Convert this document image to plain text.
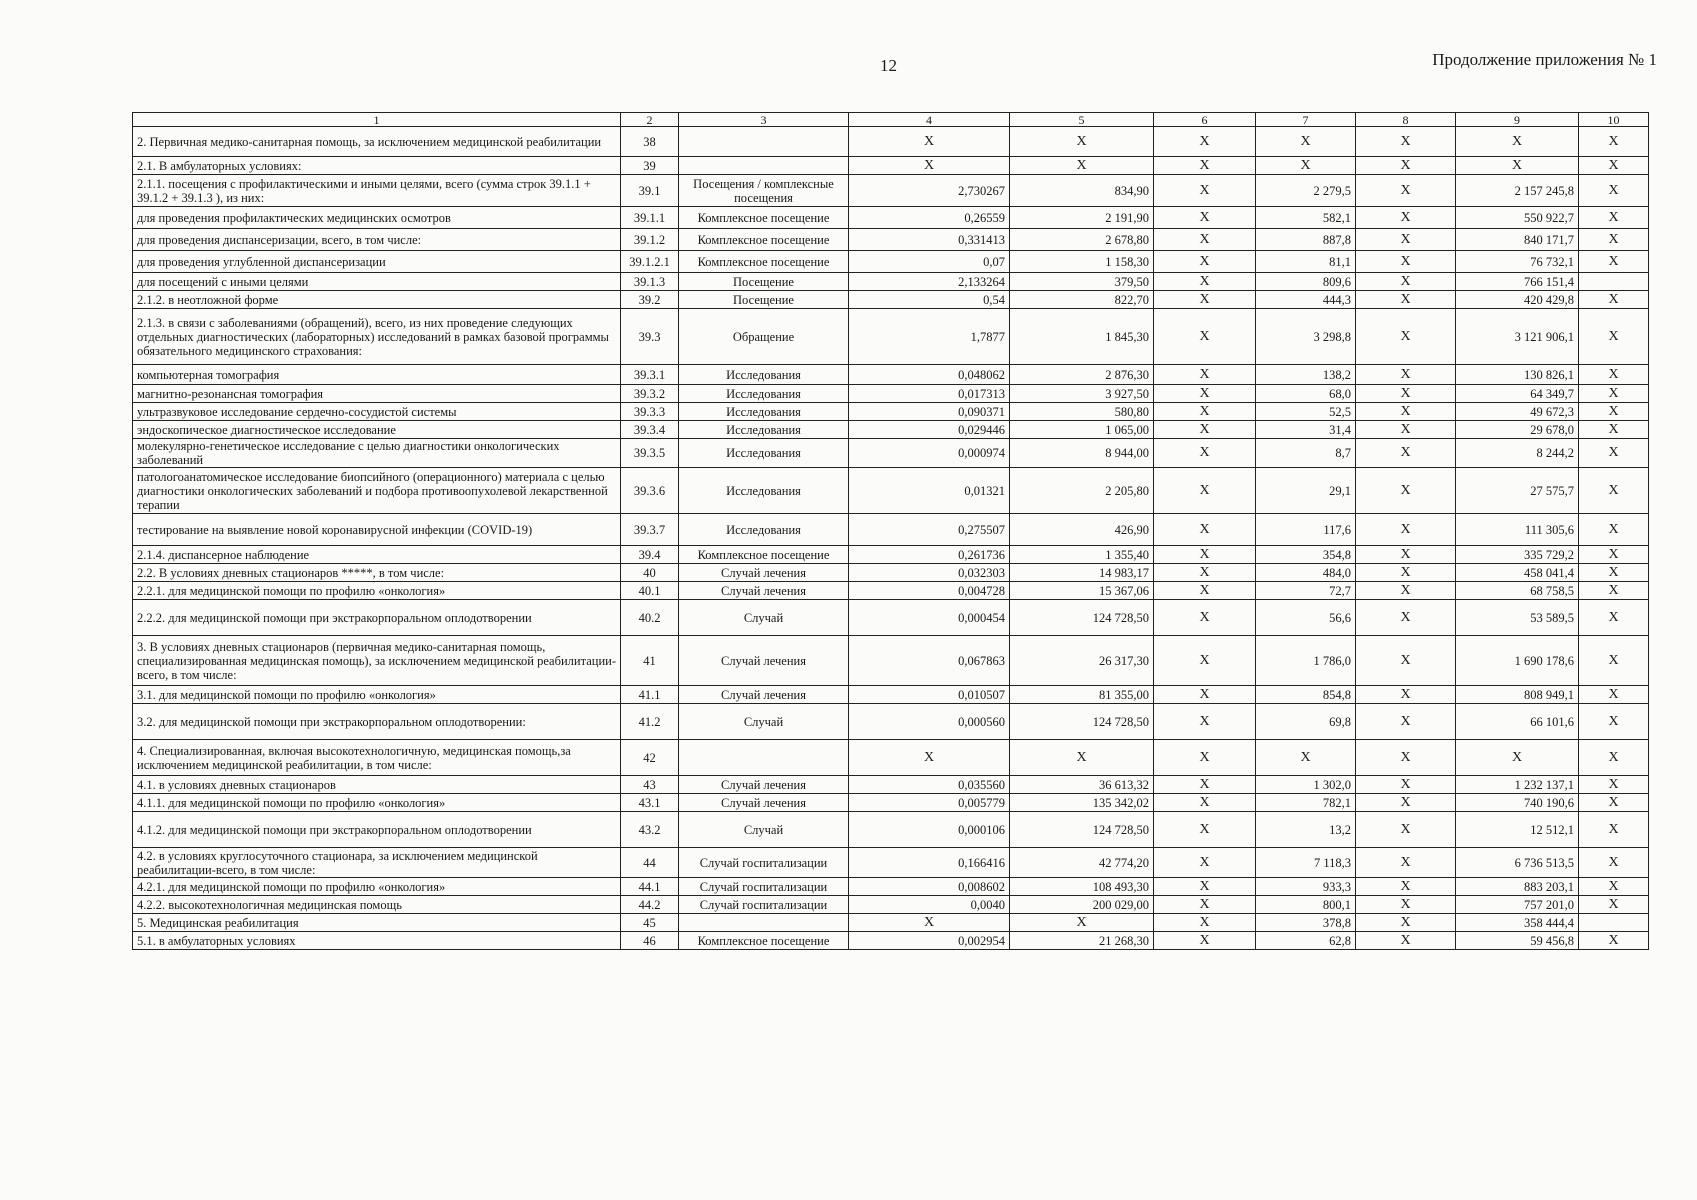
12	Продолжение приложения № 1
1	2	3	4	5	6	7	8	9	10
2. Первичная медико-санитарная помощь, за исключением медицинской реабилитации	38		X	X	X	X	X	X	X
2.1. В амбулаторных условиях:	39		X	X	X	X	X	X	X
2.1.1. посещения с профилактическими и иными целями, всего (сумма строк 39.1.1 + 39.1.2 + 39.1.3 ), из них:	39.1	Посещения / комплексные посещения	2,730267	834,90	X	2 279,5	X	2 157 245,8	X
для проведения профилактических медицинских осмотров	39.1.1	Комплексное посещение	0,26559	2 191,90	X	582,1	X	550 922,7	X
для проведения диспансеризации, всего, в том числе:	39.1.2	Комплексное посещение	0,331413	2 678,80	X	887,8	X	840 171,7	X
для проведения углубленной диспансеризации	39.1.2.1	Комплексное посещение	0,07	1 158,30	X	81,1	X	76 732,1	X
для посещений с иными целями	39.1.3	Посещение	2,133264	379,50	X	809,6	X	766 151,4	
2.1.2. в неотложной форме	39.2	Посещение	0,54	822,70	X	444,3	X	420 429,8	X
2.1.3. в связи с заболеваниями (обращений), всего, из них проведение следующих отдельных диагностических (лабораторных) исследований в рамках базовой программы обязательного медицинского страхования:	39.3	Обращение	1,7877	1 845,30	X	3 298,8	X	3 121 906,1	X
компьютерная томография	39.3.1	Исследования	0,048062	2 876,30	X	138,2	X	130 826,1	X
магнитно-резонансная томография	39.3.2	Исследования	0,017313	3 927,50	X	68,0	X	64 349,7	X
ультразвуковое исследование сердечно-сосудистой системы	39.3.3	Исследования	0,090371	580,80	X	52,5	X	49 672,3	X
эндоскопическое диагностическое исследование	39.3.4	Исследования	0,029446	1 065,00	X	31,4	X	29 678,0	X
молекулярно-генетическое исследование с целью диагностики онкологических заболеваний	39.3.5	Исследования	0,000974	8 944,00	X	8,7	X	8 244,2	X
патологоанатомическое исследование биопсийного (операционного) материала с целью диагностики онкологических заболеваний и подбора противоопухолевой лекарственной терапии	39.3.6	Исследования	0,01321	2 205,80	X	29,1	X	27 575,7	X
тестирование на выявление новой коронавирусной инфекции (COVID-19)	39.3.7	Исследования	0,275507	426,90	X	117,6	X	111 305,6	X
2.1.4. диспансерное наблюдение	39.4	Комплексное посещение	0,261736	1 355,40	X	354,8	X	335 729,2	X
2.2. В условиях дневных стационаров *****, в том числе:	40	Случай лечения	0,032303	14 983,17	X	484,0	X	458 041,4	X
2.2.1. для медицинской помощи по профилю «онкология»	40.1	Случай лечения	0,004728	15 367,06	X	72,7	X	68 758,5	X
2.2.2. для медицинской помощи при экстракорпоральном оплодотворении	40.2	Случай	0,000454	124 728,50	X	56,6	X	53 589,5	X
3. В условиях дневных стационаров (первичная медико-санитарная помощь, специализированная медицинская помощь), за исключением медицинской реабилитации-всего, в том числе:	41	Случай лечения	0,067863	26 317,30	X	1 786,0	X	1 690 178,6	X
3.1. для медицинской помощи по профилю «онкология»	41.1	Случай лечения	0,010507	81 355,00	X	854,8	X	808 949,1	X
3.2. для медицинской помощи при экстракорпоральном оплодотворении:	41.2	Случай	0,000560	124 728,50	X	69,8	X	66 101,6	X
4. Специализированная, включая высокотехнологичную, медицинская помощь,за исключением медицинской реабилитации, в том числе:	42		X	X	X	X	X	X	X
4.1. в условиях дневных стационаров	43	Случай лечения	0,035560	36 613,32	X	1 302,0	X	1 232 137,1	X
4.1.1. для медицинской помощи по профилю «онкология»	43.1	Случай лечения	0,005779	135 342,02	X	782,1	X	740 190,6	X
4.1.2. для медицинской помощи при экстракорпоральном оплодотворении	43.2	Случай	0,000106	124 728,50	X	13,2	X	12 512,1	X
4.2. в условиях круглосуточного стационара, за исключением медицинской реабилитации-всего, в том числе:	44	Случай госпитализации	0,166416	42 774,20	X	7 118,3	X	6 736 513,5	X
4.2.1. для медицинской помощи по профилю «онкология»	44.1	Случай госпитализации	0,008602	108 493,30	X	933,3	X	883 203,1	X
4.2.2. высокотехнологичная медицинская помощь	44.2	Случай госпитализации	0,0040	200 029,00	X	800,1	X	757 201,0	X
5. Медицинская реабилитация	45		X	X	X	378,8	X	358 444,4	
5.1. в амбулаторных условиях	46	Комплексное посещение	0,002954	21 268,30	X	62,8	X	59 456,8	X
